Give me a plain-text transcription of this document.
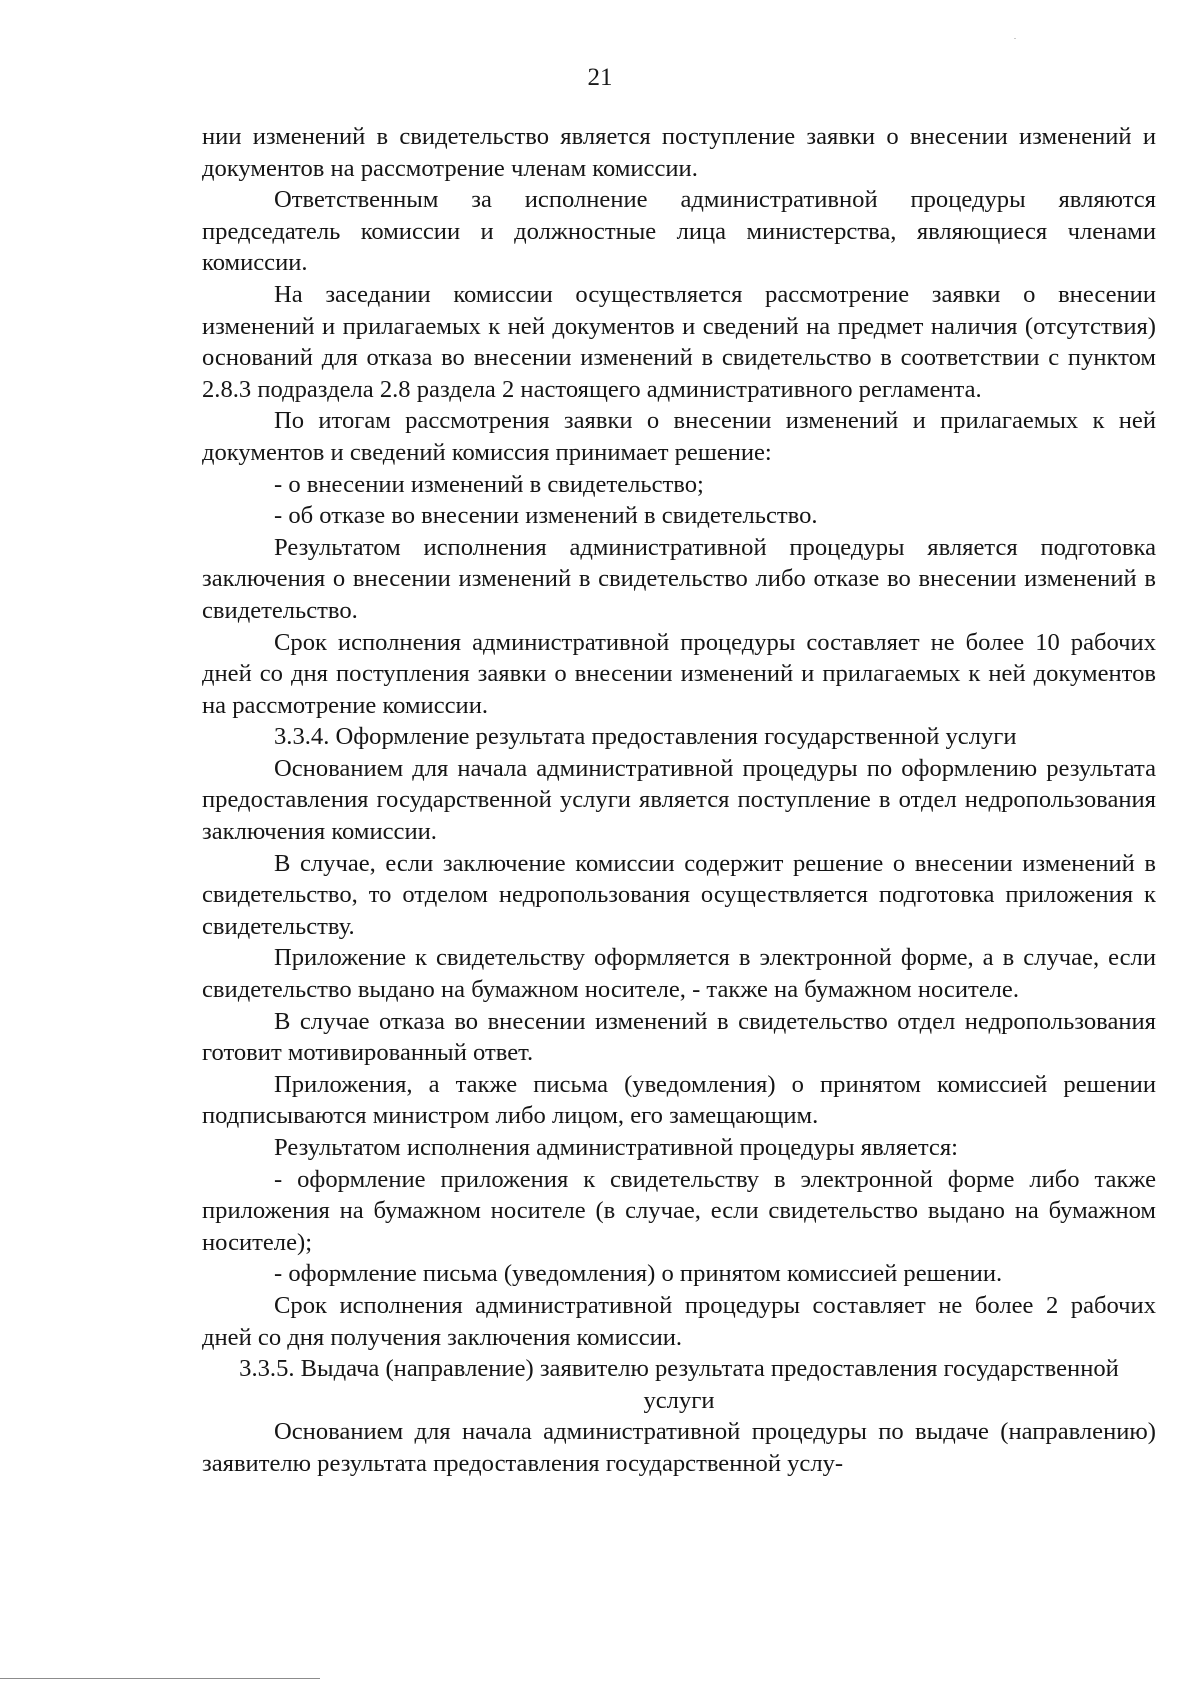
21

нии изменений в свидетельство является поступление заявки о внесении изменений и документов на рассмотрение членам комиссии.

Ответственным за исполнение административной процедуры являются председатель комиссии и должностные лица министерства, являющиеся членами комиссии.

На заседании комиссии осуществляется рассмотрение заявки о внесении изменений и прилагаемых к ней документов и сведений на предмет наличия (отсутствия) оснований для отказа во внесении изменений в свидетельство в соответствии с пунктом 2.8.3 подраздела 2.8 раздела 2 настоящего административного регламента.

По итогам рассмотрения заявки о внесении изменений и прилагаемых к ней документов и сведений комиссия принимает решение:

- о внесении изменений в свидетельство;

- об отказе во внесении изменений в свидетельство.

Результатом исполнения административной процедуры является подготовка заключения о внесении изменений в свидетельство либо отказе во внесении изменений в свидетельство.

Срок исполнения административной процедуры составляет не более 10 рабочих дней со дня поступления заявки о внесении изменений и прилагаемых к ней документов на рассмотрение комиссии.

3.3.4. Оформление результата предоставления государственной услуги

Основанием для начала административной процедуры по оформлению результата предоставления государственной услуги является поступление в отдел недропользования заключения комиссии.

В случае, если заключение комиссии содержит решение о внесении изменений в свидетельство, то отделом недропользования осуществляется подготовка приложения к свидетельству.

Приложение к свидетельству оформляется в электронной форме, а в случае, если свидетельство выдано на бумажном носителе, - также на бумажном носителе.

В случае отказа во внесении изменений в свидетельство отдел недропользования готовит мотивированный ответ.

Приложения, а также письма (уведомления) о принятом комиссией решении подписываются министром либо лицом, его замещающим.

Результатом исполнения административной процедуры является:

- оформление приложения к свидетельству в электронной форме либо также приложения на бумажном носителе (в случае, если свидетельство выдано на бумажном носителе);

- оформление письма (уведомления) о принятом комиссией решении.

Срок исполнения административной процедуры составляет не более 2 рабочих дней со дня получения заключения комиссии.

3.3.5. Выдача (направление) заявителю результата предоставления государственной услуги

Основанием для начала административной процедуры по выдаче (направлению) заявителю результата предоставления государственной услу-
